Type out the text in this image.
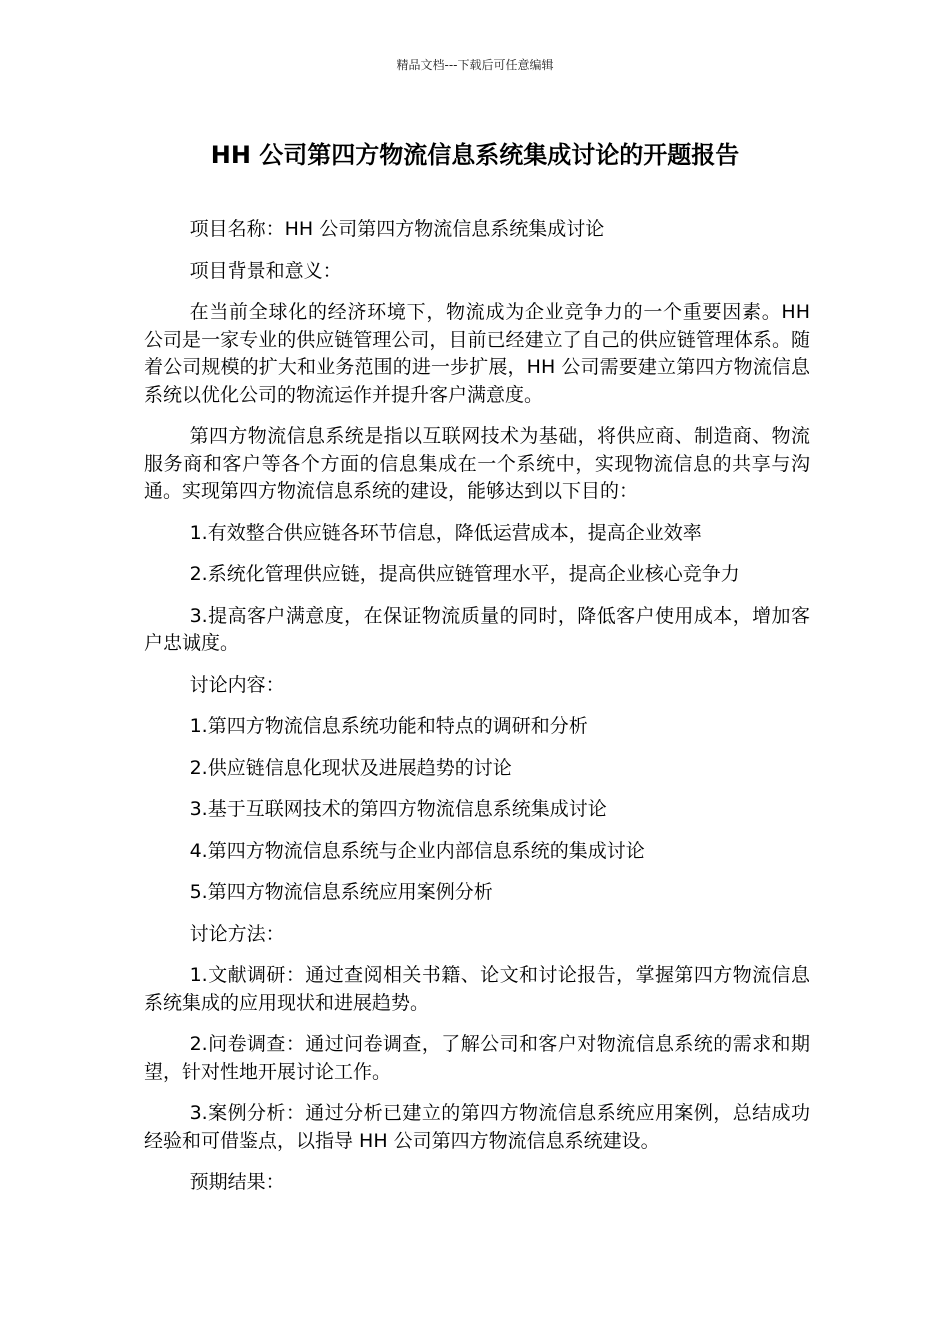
精品文档---下载后可任意编辑
HH 公司第四方物流信息系统集成讨论的开题报告

项目名称：HH 公司第四方物流信息系统集成讨论

项目背景和意义：

在当前全球化的经济环境下，物流成为企业竞争力的一个重要因素。HH 公司是一家专业的供应链管理公司，目前已经建立了自己的供应链管理体系。随着公司规模的扩大和业务范围的进一步扩展，HH 公司需要建立第四方物流信息系统以优化公司的物流运作并提升客户满意度。

第四方物流信息系统是指以互联网技术为基础，将供应商、制造商、物流服务商和客户等各个方面的信息集成在一个系统中，实现物流信息的共享与沟通。实现第四方物流信息系统的建设，能够达到以下目的：

1.有效整合供应链各环节信息，降低运营成本，提高企业效率

2.系统化管理供应链，提高供应链管理水平，提高企业核心竞争力

3.提高客户满意度，在保证物流质量的同时，降低客户使用成本，增加客户忠诚度。

讨论内容：

1.第四方物流信息系统功能和特点的调研和分析

2.供应链信息化现状及进展趋势的讨论

3.基于互联网技术的第四方物流信息系统集成讨论

4.第四方物流信息系统与企业内部信息系统的集成讨论

5.第四方物流信息系统应用案例分析

讨论方法：

1.文献调研：通过查阅相关书籍、论文和讨论报告，掌握第四方物流信息系统集成的应用现状和进展趋势。

2.问卷调查：通过问卷调查，了解公司和客户对物流信息系统的需求和期望，针对性地开展讨论工作。

3.案例分析：通过分析已建立的第四方物流信息系统应用案例，总结成功经验和可借鉴点，以指导 HH 公司第四方物流信息系统建设。

预期结果：
